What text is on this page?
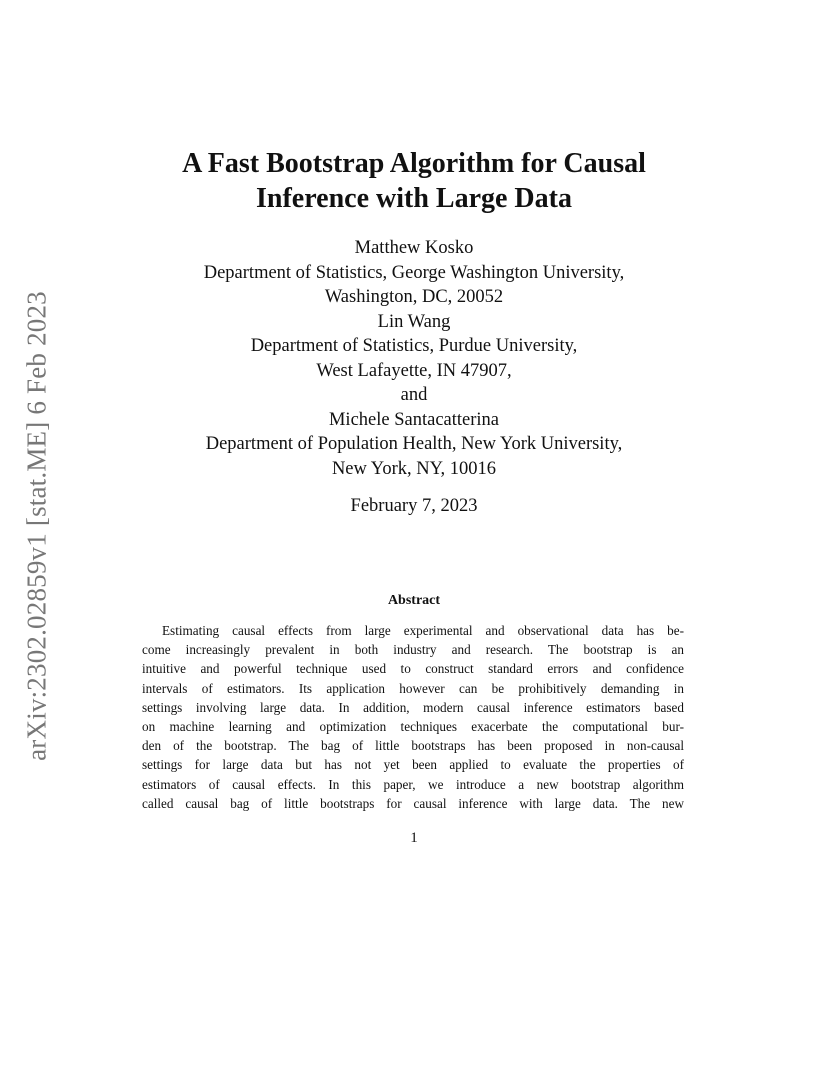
arXiv:2302.02859v1 [stat.ME] 6 Feb 2023
A Fast Bootstrap Algorithm for Causal
Inference with Large Data
Matthew Kosko
Department of Statistics, George Washington University,
Washington, DC, 20052
Lin Wang
Department of Statistics, Purdue University,
West Lafayette, IN 47907,
and
Michele Santacatterina
Department of Population Health, New York University,
New York, NY, 10016
February 7, 2023
Abstract
Estimating causal effects from large experimental and observational data has be-
come increasingly prevalent in both industry and research. The bootstrap is an
intuitive and powerful technique used to construct standard errors and confidence
intervals of estimators. Its application however can be prohibitively demanding in
settings involving large data. In addition, modern causal inference estimators based
on machine learning and optimization techniques exacerbate the computational bur-
den of the bootstrap. The bag of little bootstraps has been proposed in non-causal
settings for large data but has not yet been applied to evaluate the properties of
estimators of causal effects. In this paper, we introduce a new bootstrap algorithm
called causal bag of little bootstraps for causal inference with large data. The new
1
